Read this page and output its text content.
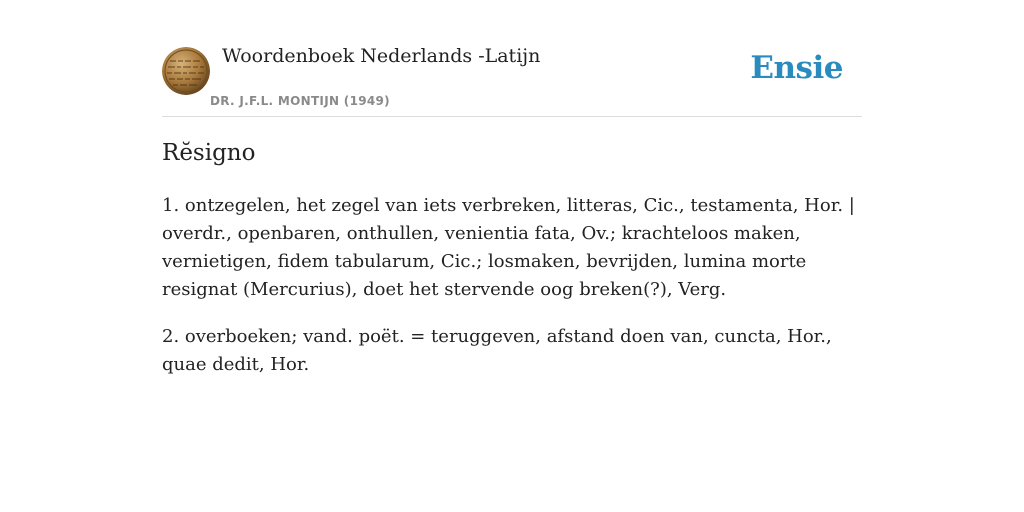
Woordenboek Nederlands -Latijn
DR. J.F.L. MONTIJN (1949)
Ensie
Rĕsigno

1. ontzegelen, het zegel van iets verbreken, litteras, Cic., testamenta, Hor. | overdr., openbaren, onthullen, venientia fata, Ov.; krachteloos maken, vernietigen, fidem tabularum, Cic.; losmaken, bevrijden, lumina morte resignat (Mercurius), doet het stervende oog breken(?), Verg.

2. overboeken; vand. poët. = teruggeven, afstand doen van, cuncta, Hor., quae dedit, Hor.
